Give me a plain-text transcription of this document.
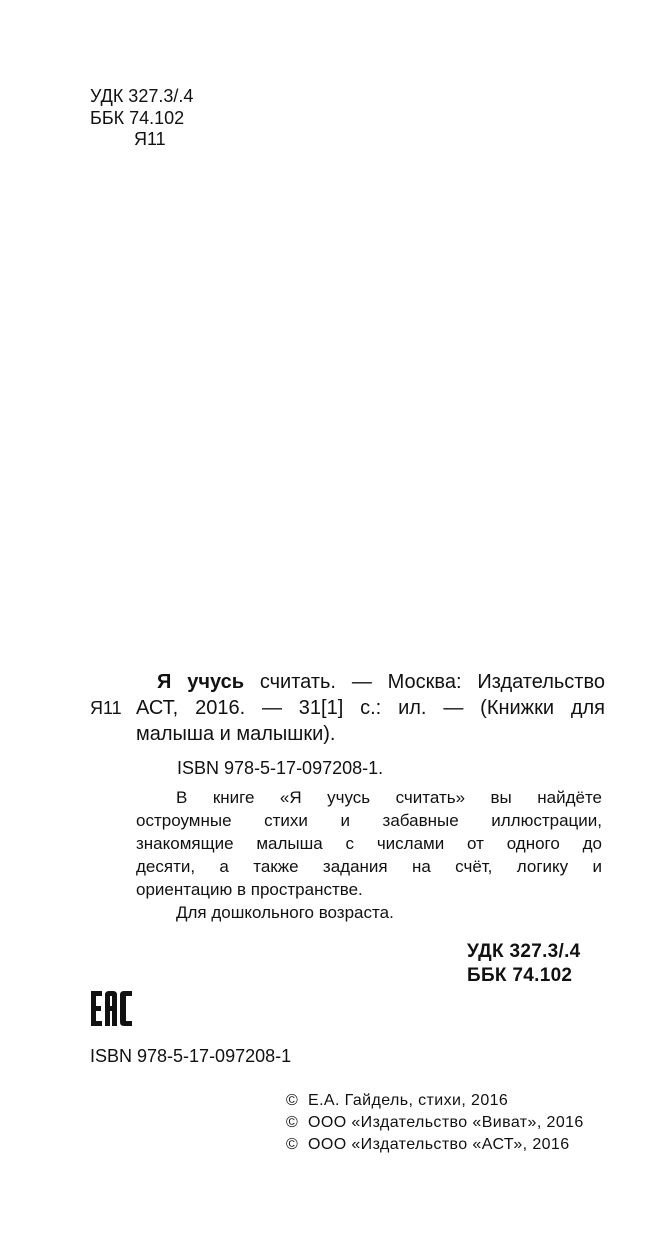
УДК 327.3/.4
ББК 74.102
Я11
Я учусь считать. — Москва: Издательство
АСТ, 2016. — 31[1] с.: ил. — (Книжки для
малыша и малышки).
Я11
ISBN 978-5-17-097208-1.
В книге «Я учусь считать» вы найдёте
остроумные стихи и забавные иллюстрации,
знакомящие малыша с числами от одного до
десяти, а также задания на счёт, логику и
ориентацию в пространстве.
Для дошкольного возраста.
УДК 327.3/.4
ББК 74.102
ISBN 978-5-17-097208-1
© Е.А. Гайдель, стихи, 2016
© ООО «Издательство «Виват», 2016
© ООО «Издательство «АСТ», 2016
